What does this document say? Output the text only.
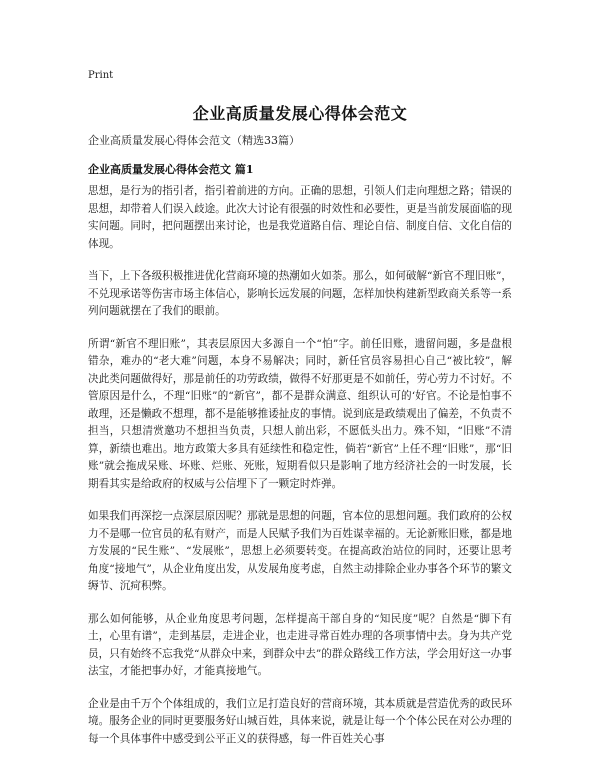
Print
企业高质量发展心得体会范文
企业高质量发展心得体会范文（精选33篇）
企业高质量发展心得体会范文 篇1

思想，是行为的指引者，指引着前进的方向。正确的思想，引领人们走向理想之路；错误的思想，却带着人们误入歧途。此次大讨论有很强的时效性和必要性，更是当前发展面临的现实问题。同时，把问题摆出来讨论，也是我党道路自信、理论自信、制度自信、文化自信的体现。

当下，上下各级积极推进优化营商环境的热潮如火如荼。那么，如何破解“新官不理旧账”，不兑现承诺等伤害市场主体信心，影响长远发展的问题，怎样加快构建新型政商关系等一系列问题就摆在了我们的眼前。

所谓“新官不理旧账”，其表层原因大多源自一个“怕”字。前任旧账，遗留问题，多是盘根错杂，难办的“老大难”问题，本身不易解决；同时，新任官员容易担心自己“被比较”，解决此类问题做得好，那是前任的功劳政绩，做得不好那更是不如前任，劳心劳力不讨好。不管原因是什么，不理“旧账”的“新官”，都不是群众满意、组织认可的‘好官。不论是怕事不敢理，还是懒政不想理，都不是能够推诿扯皮的事情。说到底是政绩观出了偏差，不负责不担当，只想清赏邀功不想担当负责，只想人前出彩，不愿低头出力。殊不知，“旧账”不清算，新绩也难出。地方政策大多具有延续性和稳定性，倘若“新官”上任不理“旧账”，那“旧账”就会拖成呆账、坏账、烂账、死账，短期看似只是影响了地方经济社会的一时发展，长期看其实是给政府的权威与公信埋下了一颗定时炸弹。

如果我们再深挖一点深层原因呢？那就是思想的问题，官本位的思想问题。我们政府的公权力不是哪一位官员的私有财产，而是人民赋予我们为百姓谋幸福的。无论新账旧账，都是地方发展的“民生账”、“发展账”，思想上必须要转变。在提高政治站位的同时，还要让思考角度“接地气”，从企业角度出发，从发展角度考虑，自然主动排除企业办事各个环节的繁文缛节、沉疴积弊。

那么如何能够，从企业角度思考问题，怎样提高干部自身的“知民度”呢？自然是“脚下有土，心里有谱”，走到基层，走进企业，也走进寻常百姓办理的各项事情中去。身为共产党员，只有始终不忘我党“从群众中来，到群众中去”的群众路线工作方法，学会用好这一办事法宝，才能把事办好，才能真接地气。

企业是由千万个个体组成的，我们立足打造良好的营商环境，其本质就是营造优秀的政民环境。服务企业的同时更要服务好山城百姓，具体来说，就是让每一个个体公民在对公办理的每一个具体事件中感受到公平正义的获得感，每一件百姓关心事
